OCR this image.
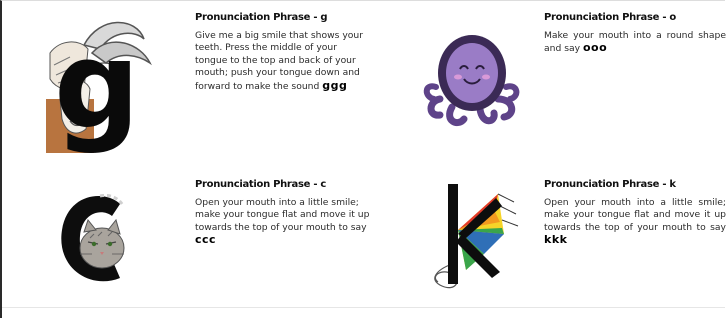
g	Pronunciation Phrase - g

Give me a big smile that shows your teeth. Press the middle of your tongue to the top and back of your mouth; push your tongue down and forward to make the sound ggg

Pronunciation Phrase - o

Make your mouth into a round shape and say ooo

Pronunciation Phrase - c

Open your mouth into a little smile; make your tongue flat and move it up towards the top of your mouth to say ccc

Pronunciation Phrase - k

Open your mouth into a little smile; make your tongue flat and move it up towards the top of your mouth to say kkk
